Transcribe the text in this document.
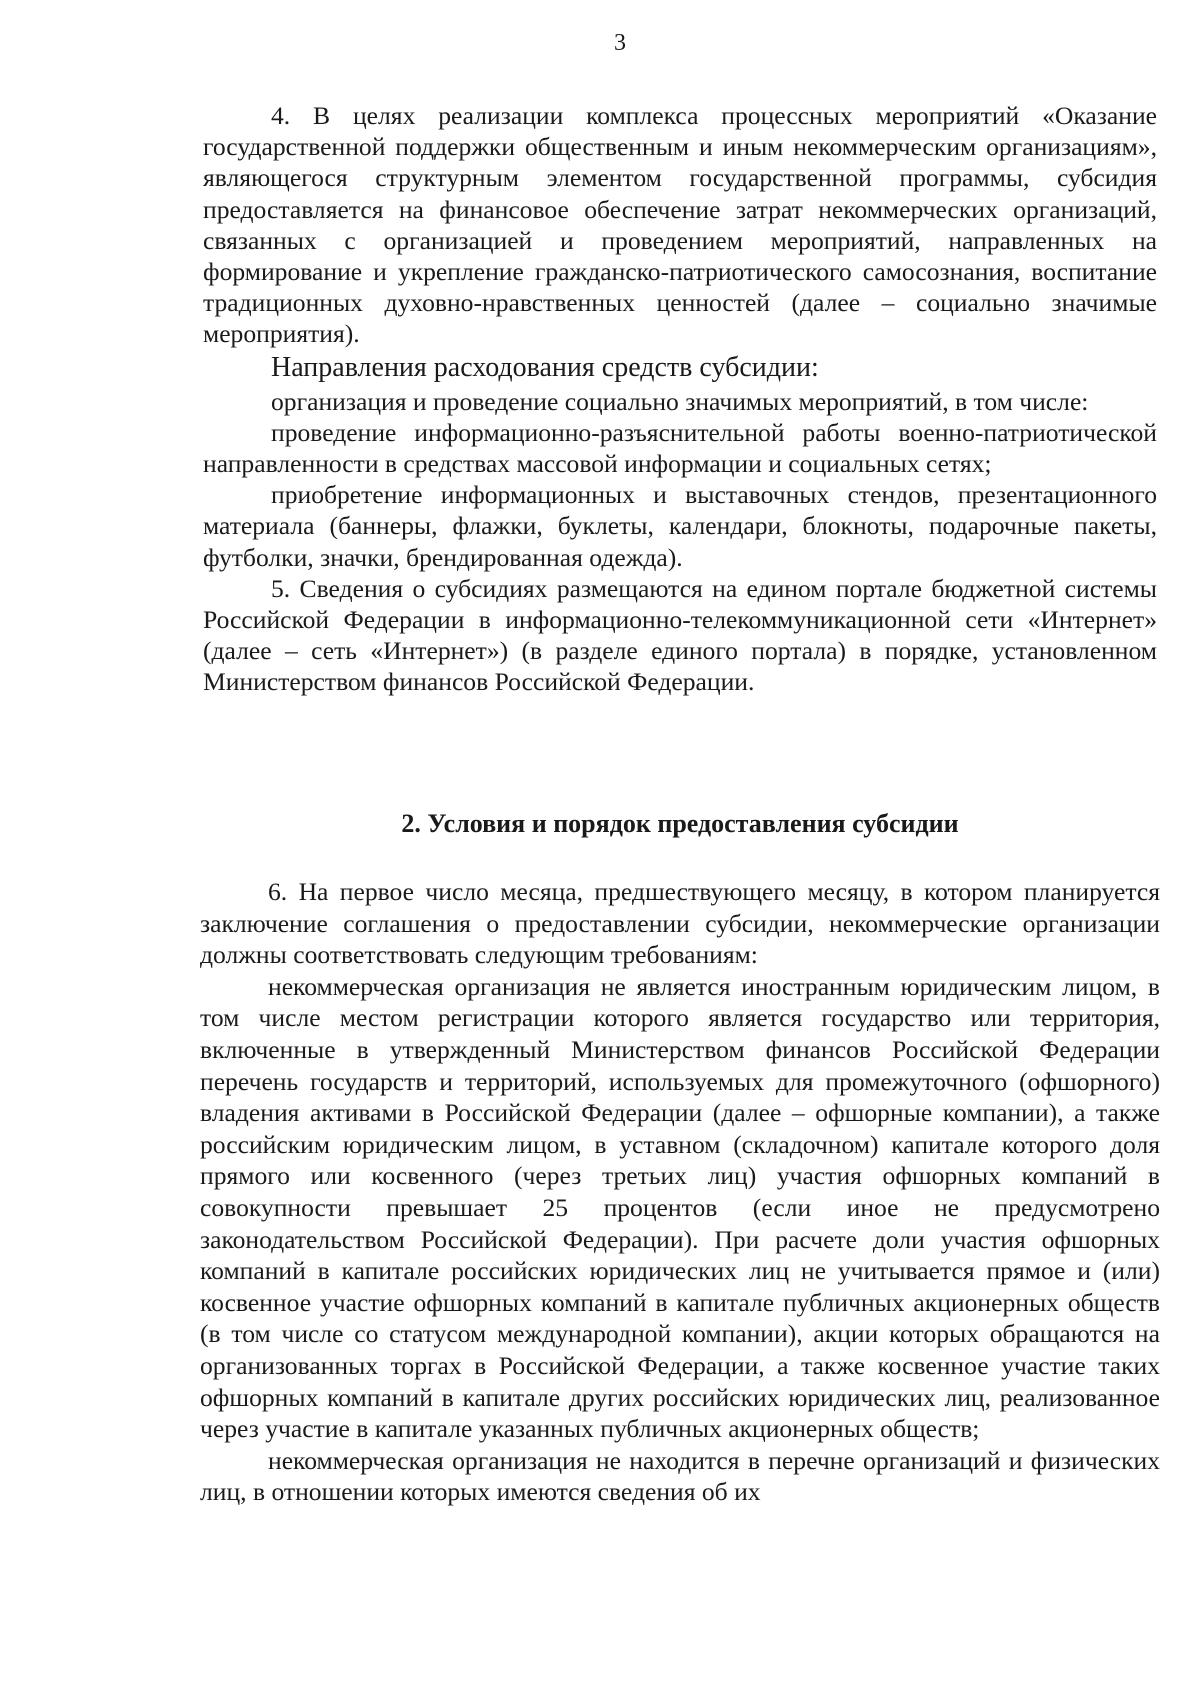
3

4. В целях реализации комплекса процессных мероприятий «Оказание государственной поддержки общественным и иным некоммерческим организациям», являющегося структурным элементом государственной программы, субсидия предоставляется на финансовое обеспечение затрат некоммерческих организаций, связанных с организацией и проведением мероприятий, направленных на формирование и укрепление гражданско-патриотического самосознания, воспитание традиционных духовно-нравственных ценностей (далее – социально значимые мероприятия).

Направления расходования средств субсидии:

организация и проведение социально значимых мероприятий, в том числе:

проведение информационно-разъяснительной работы военно-патриотической направленности в средствах массовой информации и социальных сетях;

приобретение информационных и выставочных стендов, презентационного материала (баннеры, флажки, буклеты, календари, блокноты, подарочные пакеты, футболки, значки, брендированная одежда).

5. Сведения о субсидиях размещаются на едином портале бюджетной системы Российской Федерации в информационно-телекоммуникационной сети «Интернет» (далее – сеть «Интернет») (в разделе единого портала) в порядке, установленном Министерством финансов Российской Федерации.

2. Условия и порядок предоставления субсидии

6. На первое число месяца, предшествующего месяцу, в котором планируется заключение соглашения о предоставлении субсидии, некоммерческие организации должны соответствовать следующим требованиям:

некоммерческая организация не является иностранным юридическим лицом, в том числе местом регистрации которого является государство или территория, включенные в утвержденный Министерством финансов Российской Федерации перечень государств и территорий, используемых для промежуточного (офшорного) владения активами в Российской Федерации (далее – офшорные компании), а также российским юридическим лицом, в уставном (складочном) капитале которого доля прямого или косвенного (через третьих лиц) участия офшорных компаний в совокупности превышает 25 процентов (если иное не предусмотрено законодательством Российской Федерации). При расчете доли участия офшорных компаний в капитале российских юридических лиц не учитывается прямое и (или) косвенное участие офшорных компаний в капитале публичных акционерных обществ (в том числе со статусом международной компании), акции которых обращаются на организованных торгах в Российской Федерации, а также косвенное участие таких офшорных компаний в капитале других российских юридических лиц, реализованное через участие в капитале указанных публичных акционерных обществ;

некоммерческая организация не находится в перечне организаций и физических лиц, в отношении которых имеются сведения об их
